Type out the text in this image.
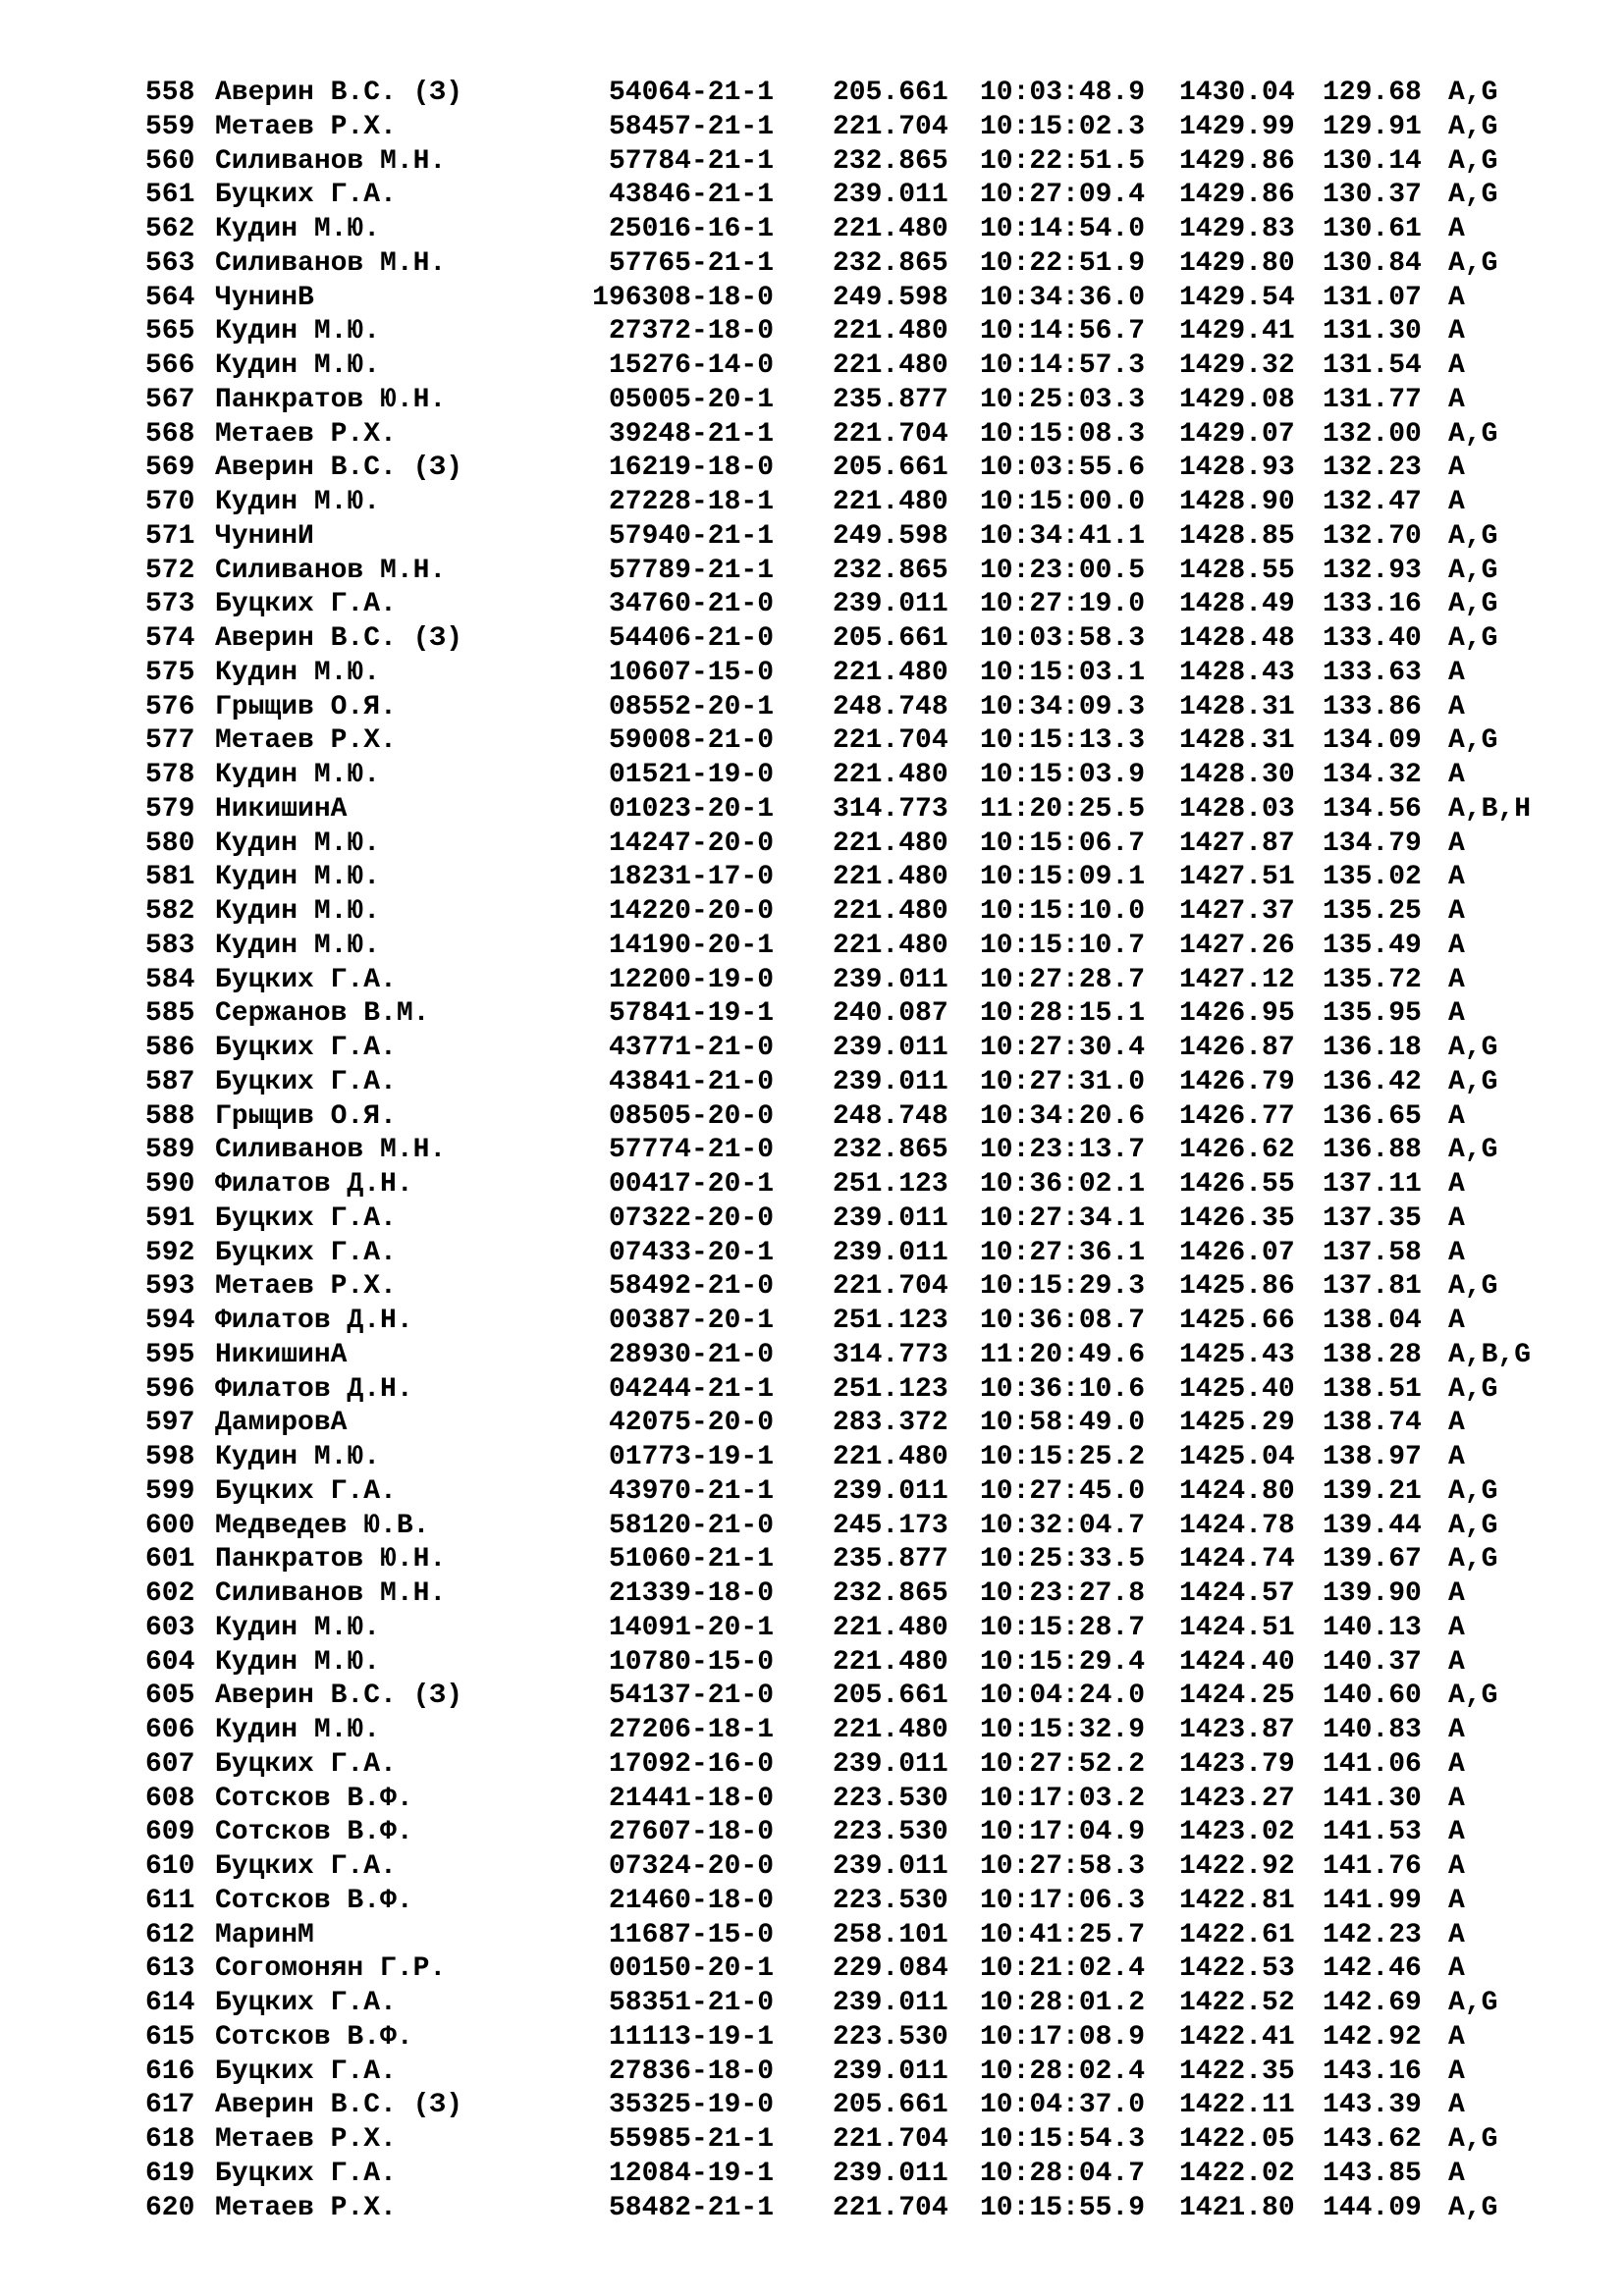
558 Аверин В.С. (З)	54064-21-1 205.661 10:03:48.9 1430.04 129.68 A,G
559 Метаев Р.Х.	58457-21-1 221.704 10:15:02.3 1429.99 129.91 A,G
560 Силиванов М.Н.	57784-21-1 232.865 10:22:51.5 1429.86 130.14 A,G
561 Буцких Г.А.	43846-21-1 239.011 10:27:09.4 1429.86 130.37 A,G
562 Кудин М.Ю.	25016-16-1 221.480 10:14:54.0 1429.83 130.61 A
563 Силиванов М.Н.	57765-21-1 232.865 10:22:51.9 1429.80 130.84 A,G
564 ЧунинВ	196308-18-0 249.598 10:34:36.0 1429.54 131.07 A
565 Кудин М.Ю.	27372-18-0 221.480 10:14:56.7 1429.41 131.30 A
566 Кудин М.Ю.	15276-14-0 221.480 10:14:57.3 1429.32 131.54 A
567 Панкратов Ю.Н.	05005-20-1 235.877 10:25:03.3 1429.08 131.77 A
568 Метаев Р.Х.	39248-21-1 221.704 10:15:08.3 1429.07 132.00 A,G
569 Аверин В.С. (З)	16219-18-0 205.661 10:03:55.6 1428.93 132.23 A
570 Кудин М.Ю.	27228-18-1 221.480 10:15:00.0 1428.90 132.47 A
571 ЧунинИ	57940-21-1 249.598 10:34:41.1 1428.85 132.70 A,G
572 Силиванов М.Н.	57789-21-1 232.865 10:23:00.5 1428.55 132.93 A,G
573 Буцких Г.А.	34760-21-0 239.011 10:27:19.0 1428.49 133.16 A,G
574 Аверин В.С. (З)	54406-21-0 205.661 10:03:58.3 1428.48 133.40 A,G
575 Кудин М.Ю.	10607-15-0 221.480 10:15:03.1 1428.43 133.63 A
576 Грыщив О.Я.	08552-20-1 248.748 10:34:09.3 1428.31 133.86 A
577 Метаев Р.Х.	59008-21-0 221.704 10:15:13.3 1428.31 134.09 A,G
578 Кудин М.Ю.	01521-19-0 221.480 10:15:03.9 1428.30 134.32 A
579 НикишинА	01023-20-1 314.773 11:20:25.5 1428.03 134.56 A,B,H
580 Кудин М.Ю.	14247-20-0 221.480 10:15:06.7 1427.87 134.79 A
581 Кудин М.Ю.	18231-17-0 221.480 10:15:09.1 1427.51 135.02 A
582 Кудин М.Ю.	14220-20-0 221.480 10:15:10.0 1427.37 135.25 A
583 Кудин М.Ю.	14190-20-1 221.480 10:15:10.7 1427.26 135.49 A
584 Буцких Г.А.	12200-19-0 239.011 10:27:28.7 1427.12 135.72 A
585 Сержанов В.М.	57841-19-1 240.087 10:28:15.1 1426.95 135.95 A
586 Буцких Г.А.	43771-21-0 239.011 10:27:30.4 1426.87 136.18 A,G
587 Буцких Г.А.	43841-21-0 239.011 10:27:31.0 1426.79 136.42 A,G
588 Грыщив О.Я.	08505-20-0 248.748 10:34:20.6 1426.77 136.65 A
589 Силиванов М.Н.	57774-21-0 232.865 10:23:13.7 1426.62 136.88 A,G
590 Филатов Д.Н.	00417-20-1 251.123 10:36:02.1 1426.55 137.11 A
591 Буцких Г.А.	07322-20-0 239.011 10:27:34.1 1426.35 137.35 A
592 Буцких Г.А.	07433-20-1 239.011 10:27:36.1 1426.07 137.58 A
593 Метаев Р.Х.	58492-21-0 221.704 10:15:29.3 1425.86 137.81 A,G
594 Филатов Д.Н.	00387-20-1 251.123 10:36:08.7 1425.66 138.04 A
595 НикишинА	28930-21-0 314.773 11:20:49.6 1425.43 138.28 A,B,G
596 Филатов Д.Н.	04244-21-1 251.123 10:36:10.6 1425.40 138.51 A,G
597 ДамировА	42075-20-0 283.372 10:58:49.0 1425.29 138.74 A
598 Кудин М.Ю.	01773-19-1 221.480 10:15:25.2 1425.04 138.97 A
599 Буцких Г.А.	43970-21-1 239.011 10:27:45.0 1424.80 139.21 A,G
600 Медведев Ю.В.	58120-21-0 245.173 10:32:04.7 1424.78 139.44 A,G
601 Панкратов Ю.Н.	51060-21-1 235.877 10:25:33.5 1424.74 139.67 A,G
602 Силиванов М.Н.	21339-18-0 232.865 10:23:27.8 1424.57 139.90 A
603 Кудин М.Ю.	14091-20-1 221.480 10:15:28.7 1424.51 140.13 A
604 Кудин М.Ю.	10780-15-0 221.480 10:15:29.4 1424.40 140.37 A
605 Аверин В.С. (З)	54137-21-0 205.661 10:04:24.0 1424.25 140.60 A,G
606 Кудин М.Ю.	27206-18-1 221.480 10:15:32.9 1423.87 140.83 A
607 Буцких Г.А.	17092-16-0 239.011 10:27:52.2 1423.79 141.06 A
608 Сотсков В.Ф.	21441-18-0 223.530 10:17:03.2 1423.27 141.30 A
609 Сотсков В.Ф.	27607-18-0 223.530 10:17:04.9 1423.02 141.53 A
610 Буцких Г.А.	07324-20-0 239.011 10:27:58.3 1422.92 141.76 A
611 Сотсков В.Ф.	21460-18-0 223.530 10:17:06.3 1422.81 141.99 A
612 МаринМ	11687-15-0 258.101 10:41:25.7 1422.61 142.23 A
613 Согомонян Г.Р.	00150-20-1 229.084 10:21:02.4 1422.53 142.46 A
614 Буцких Г.А.	58351-21-0 239.011 10:28:01.2 1422.52 142.69 A,G
615 Сотсков В.Ф.	11113-19-1 223.530 10:17:08.9 1422.41 142.92 A
616 Буцких Г.А.	27836-18-0 239.011 10:28:02.4 1422.35 143.16 A
617 Аверин В.С. (З)	35325-19-0 205.661 10:04:37.0 1422.11 143.39 A
618 Метаев Р.Х.	55985-21-1 221.704 10:15:54.3 1422.05 143.62 A,G
619 Буцких Г.А.	12084-19-1 239.011 10:28:04.7 1422.02 143.85 A
620 Метаев Р.Х.	58482-21-1 221.704 10:15:55.9 1421.80 144.09 A,G
